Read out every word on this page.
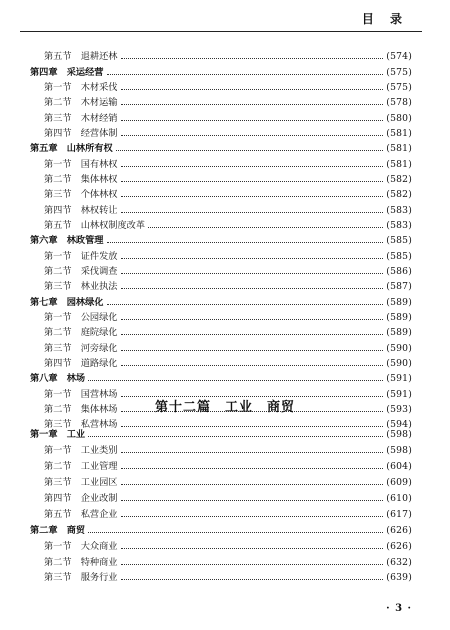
目 录
第五节　退耕还林	(574)
第四章　采运经营	(575)
第一节　木材采伐	(575)
第二节　木材运输	(578)
第三节　木材经销	(580)
第四节　经营体制	(581)
第五章　山林所有权	(581)
第一节　国有林权	(581)
第二节　集体林权	(582)
第三节　个体林权	(582)
第四节　林权转让	(583)
第五节　山林权制度改革	(583)
第六章　林政管理	(585)
第一节　证件发放	(585)
第二节　采伐调查	(586)
第三节　林业执法	(587)
第七章　园林绿化	(589)
第一节　公园绿化	(589)
第二节　庭院绿化	(589)
第三节　河旁绿化	(590)
第四节　道路绿化	(590)
第八章　林场	(591)
第一节　国营林场	(591)
第二节　集体林场	(593)
第三节　私营林场	(594)
第十二篇　工业　商贸
第一章　工业	(598)
第一节　工业类别	(598)
第二节　工业管理	(604)
第三节　工业园区	(609)
第四节　企业改制	(610)
第五节　私营企业	(617)
第二章　商贸	(626)
第一节　大众商业	(626)
第二节　特种商业	(632)
第三节　服务行业	(639)
· 3 ·
